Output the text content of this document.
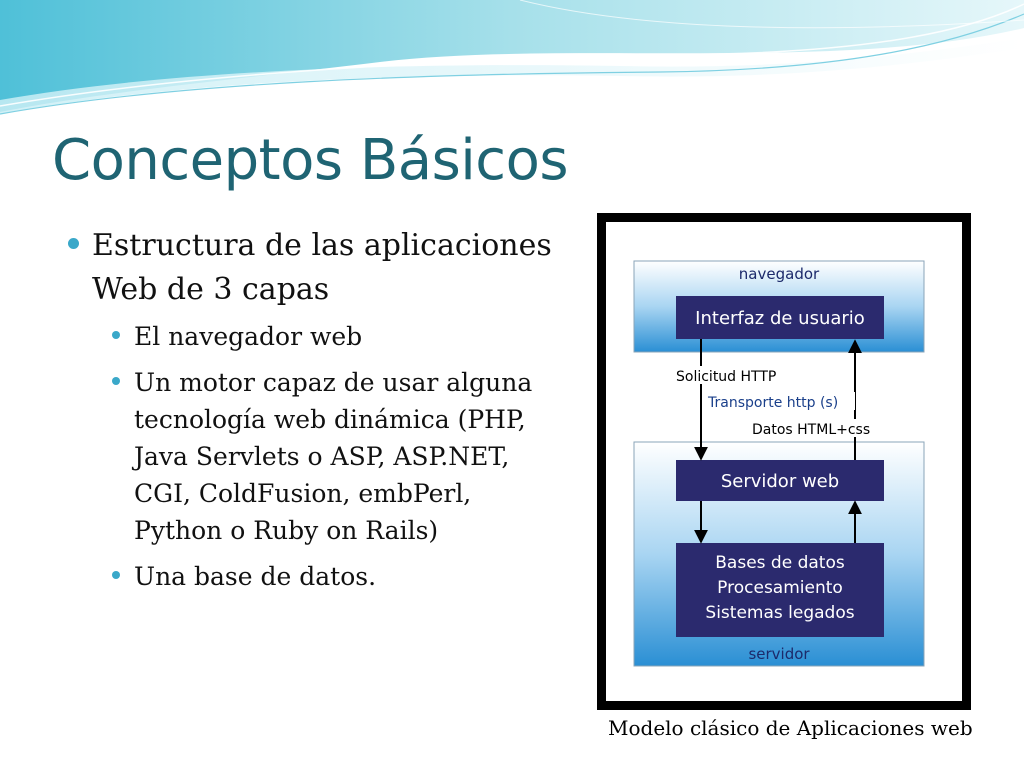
Conceptos Básicos
Estructura de las aplicaciones
Web de 3 capas
El navegador web
Un motor capaz de usar alguna
tecnología web dinámica (PHP,
Java Servlets o ASP, ASP.NET,
CGI, ColdFusion, embPerl,
Python o Ruby on Rails)
Una base de datos.
navegador
Interfaz de usuario
Servidor web
Bases de datos
Procesamiento
Sistemas legados
servidor
Solicitud HTTP
Transporte http (s)
Datos HTML+css
Modelo clásico de Aplicaciones web
